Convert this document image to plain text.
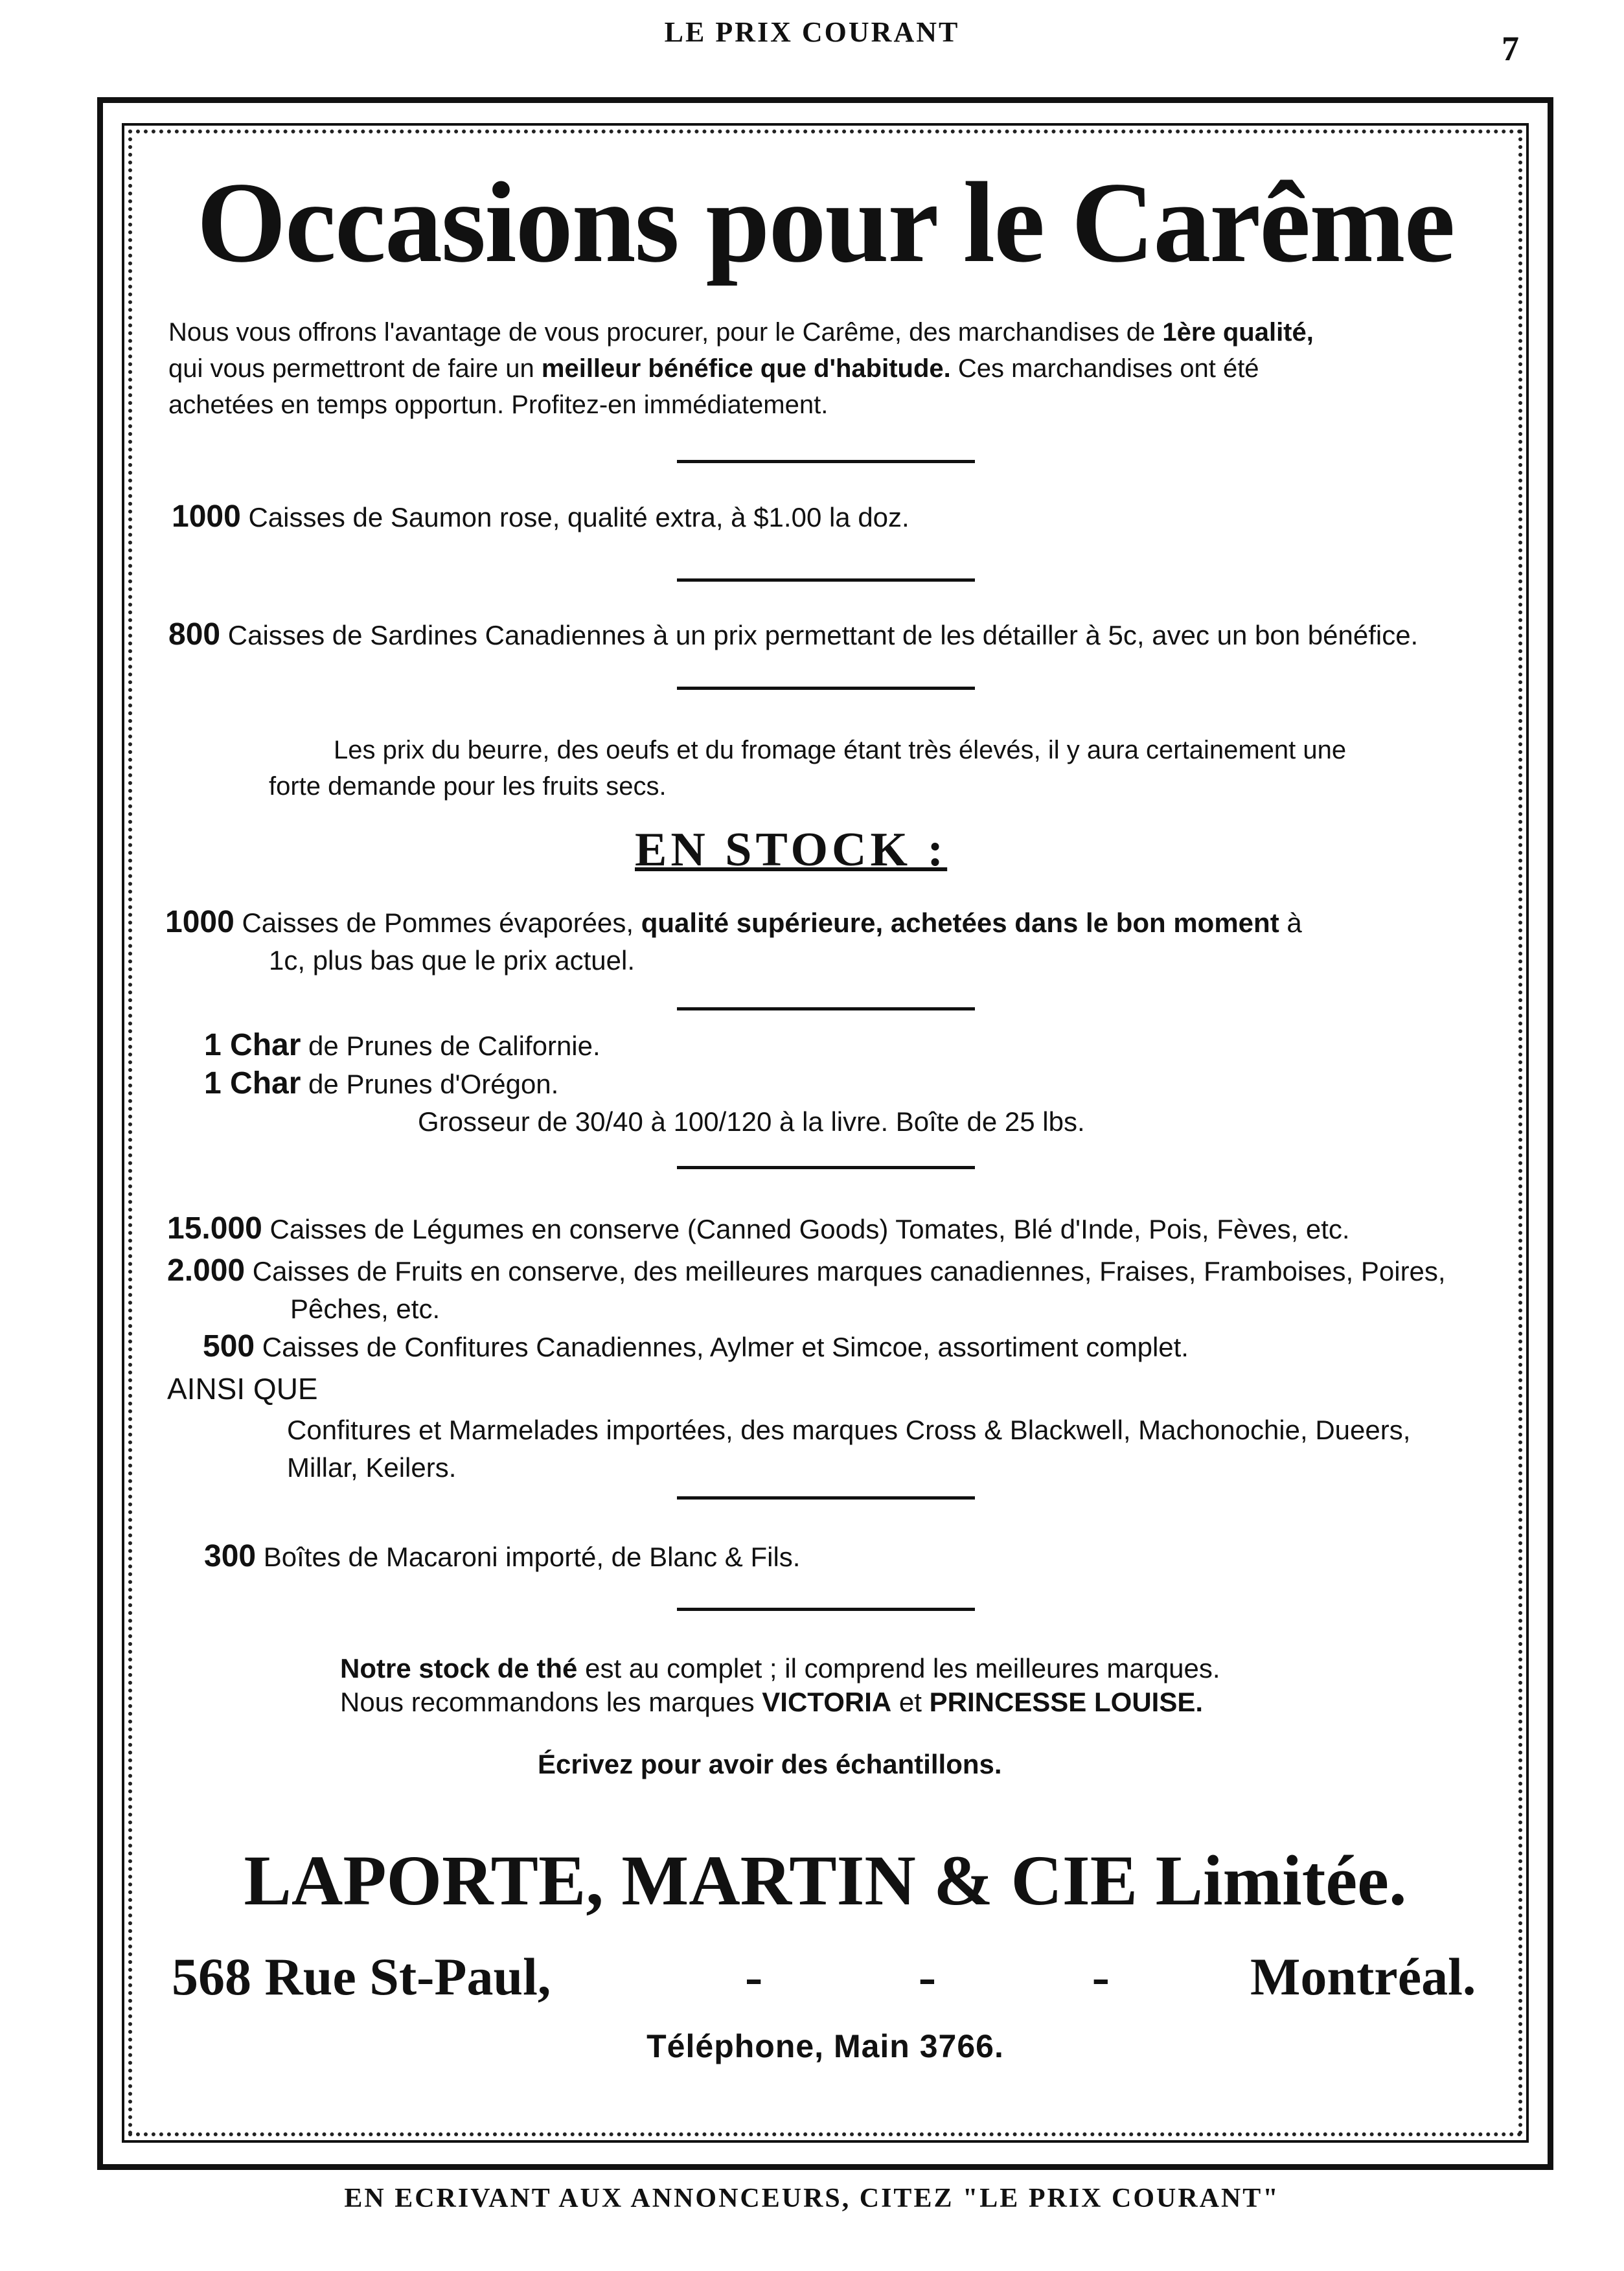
LE PRIX COURANT	7
Occasions pour le Carême
Nous vous offrons l'avantage de vous procurer, pour le Carême, des marchandises de 1ère qualité,
qui vous permettront de faire un meilleur bénéfice que d'habitude. Ces marchandises ont été
achetées en temps opportun. Profitez-en immédiatement.
1000 Caisses de Saumon rose, qualité extra, à $1.00 la doz.
800 Caisses de Sardines Canadiennes à un prix permettant de les détailler à 5c, avec un bon bénéfice.
Les prix du beurre, des oeufs et du fromage étant très élevés, il y aura certainement une
forte demande pour les fruits secs.
EN STOCK :
1000 Caisses de Pommes évaporées, qualité supérieure, achetées dans le bon moment à
1c, plus bas que le prix actuel.
1 Char de Prunes de Californie.
1 Char de Prunes d'Orégon.
Grosseur de 30/40 à 100/120 à la livre. Boîte de 25 lbs.
15.000 Caisses de Légumes en conserve (Canned Goods) Tomates, Blé d'Inde, Pois, Fèves, etc.
2.000 Caisses de Fruits en conserve, des meilleures marques canadiennes, Fraises, Framboises, Poires,
Pêches, etc.
500 Caisses de Confitures Canadiennes, Aylmer et Simcoe, assortiment complet.
AINSI QUE
Confitures et Marmelades importées, des marques Cross & Blackwell, Machonochie, Dueers,
Millar, Keilers.
300 Boîtes de Macaroni importé, de Blanc & Fils.
Notre stock de thé est au complet ; il comprend les meilleures marques.
Nous recommandons les marques VICTORIA et PRINCESSE LOUISE.
Écrivez pour avoir des échantillons.
LAPORTE, MARTIN & CIE Limitée.
568 Rue St-Paul,	- - - Montréal.
Téléphone, Main 3766.
EN ECRIVANT AUX ANNONCEURS, CITEZ "LE PRIX COURANT"
